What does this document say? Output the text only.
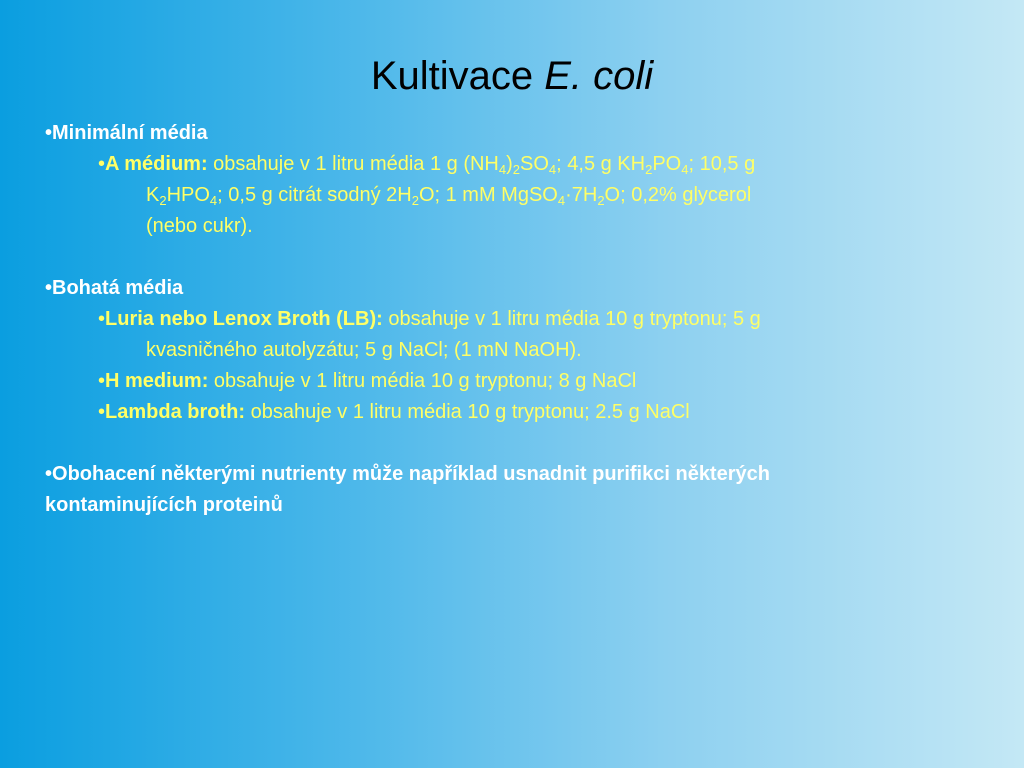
Kultivace E. coli
•Minimální média
•A médium: obsahuje v 1 litru média 1 g $(NH_4)_2SO_4$; 4,5 g $KH_2PO_4$; 10,5 g
$K_2HPO_4$; 0,5 g citrát sodný $2H_2O$; 1 mM $MgSO_4\cdot 7H_2O$; 0,2% glycerol
(nebo cukr).
•Bohatá média
•Luria nebo Lenox Broth (LB): obsahuje v 1 litru média 10 g tryptonu; 5 g
kvasničného autolyzátu; 5 g NaCl; (1 mN NaOH).
•H medium: obsahuje v 1 litru média 10 g tryptonu; 8 g NaCl
•Lambda broth: obsahuje v 1 litru média 10 g tryptonu; 2.5 g NaCl
•Obohacení některými nutrienty může například usnadnit purifikci některých
kontaminujících proteinů
